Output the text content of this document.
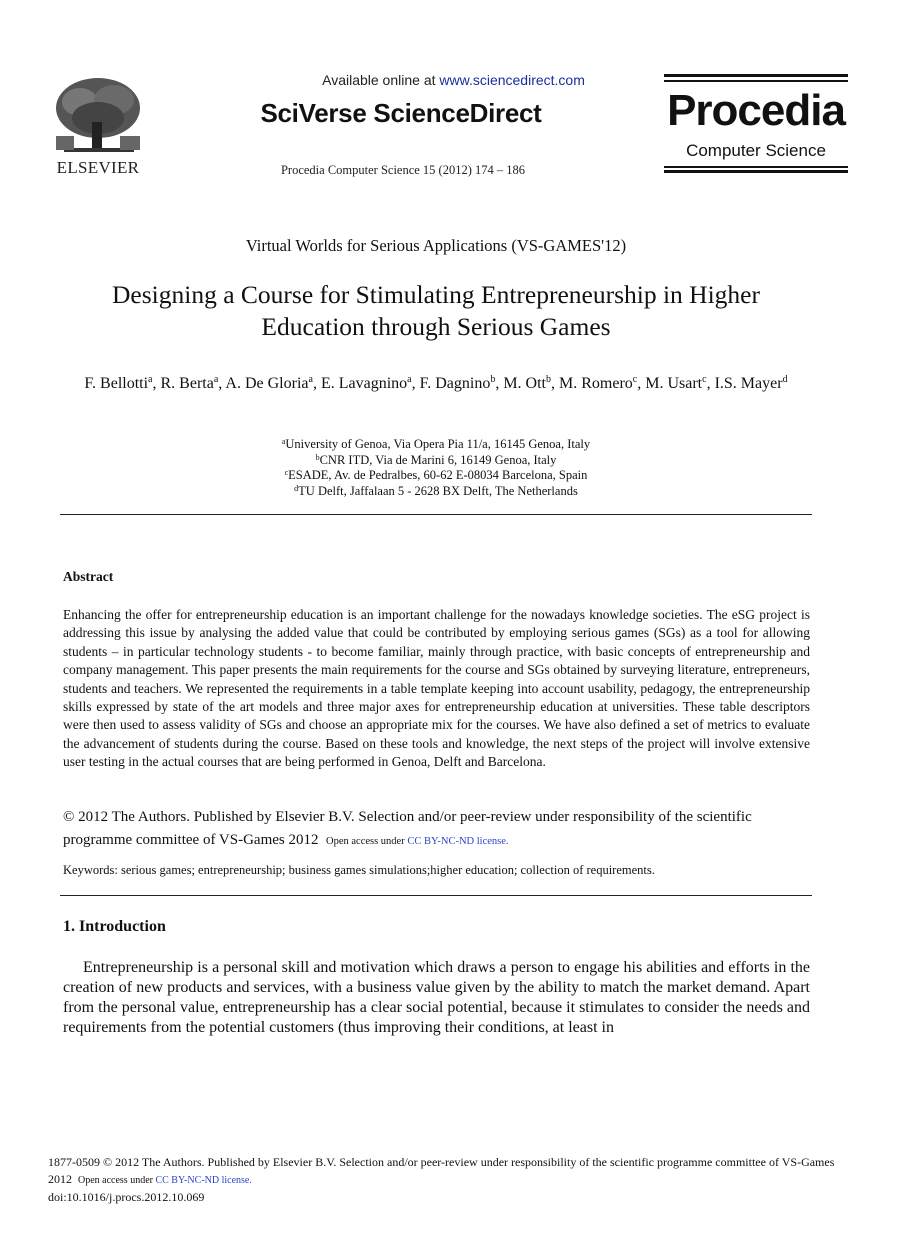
ELSEVIER
Available online at www.sciencedirect.com
SciVerse ScienceDirect
Procedia Computer Science 15 (2012) 174 – 186
Procedia
Computer Science
Virtual Worlds for Serious Applications (VS-GAMES'12)
Designing a Course for Stimulating Entrepreneurship in Higher
Education through Serious Games
F. Bellotti$^a$, R. Berta$^a$, A. De Gloria$^a$, E. Lavagnino$^a$, F. Dagnino$^b$, M. Ott$^b$, M. Romero$^c$, M. Usart$^c$, I.S. Mayer$^d$
$^a$University of Genoa, Via Opera Pia 11/a, 16145 Genoa, Italy
$^b$CNR ITD, Via de Marini 6, 16149 Genoa, Italy
$^c$ESADE, Av. de Pedralbes, 60-62 E-08034 Barcelona, Spain
$^d$TU Delft, Jaffalaan 5 - 2628 BX Delft, The Netherlands
Abstract
Enhancing the offer for entrepreneurship education is an important challenge for the nowadays knowledge societies. The eSG project is addressing this issue by analysing the added value that could be contributed by employing serious games (SGs) as a tool for allowing students – in particular technology students - to become familiar, mainly through practice, with basic concepts of entrepreneurship and company management. This paper presents the main requirements for the course and SGs obtained by surveying literature, entrepreneurs, students and teachers. We represented the requirements in a table template keeping into account usability, pedagogy, the entrepreneurship skills expressed by state of the art models and three major axes for entrepreneurship education at universities. These table descriptors were then used to assess validity of SGs and choose an appropriate mix for the courses. We have also defined a set of metrics to evaluate the advancement of students during the course. Based on these tools and knowledge, the next steps of the project will involve extensive user testing in the actual courses that are being performed in Genoa, Delft and Barcelona.
© 2012 The Authors. Published by Elsevier B.V. Selection and/or peer-review under responsibility of the scientific programme committee of VS-Games 2012 Open access under CC BY-NC-ND license.
Keywords: serious games; entrepreneurship; business games simulations;higher education; collection of requirements.
1. Introduction
Entrepreneurship is a personal skill and motivation which draws a person to engage his abilities and efforts in the creation of new products and services, with a business value given by the ability to match the market demand. Apart from the personal value, entrepreneurship has a clear social potential, because it stimulates to consider the needs and requirements from the potential customers (thus improving their conditions, at least in
1877-0509 © 2012 The Authors. Published by Elsevier B.V. Selection and/or peer-review under responsibility of the scientific programme committee of VS-Games 2012 Open access under CC BY-NC-ND license.
doi:10.1016/j.procs.2012.10.069
